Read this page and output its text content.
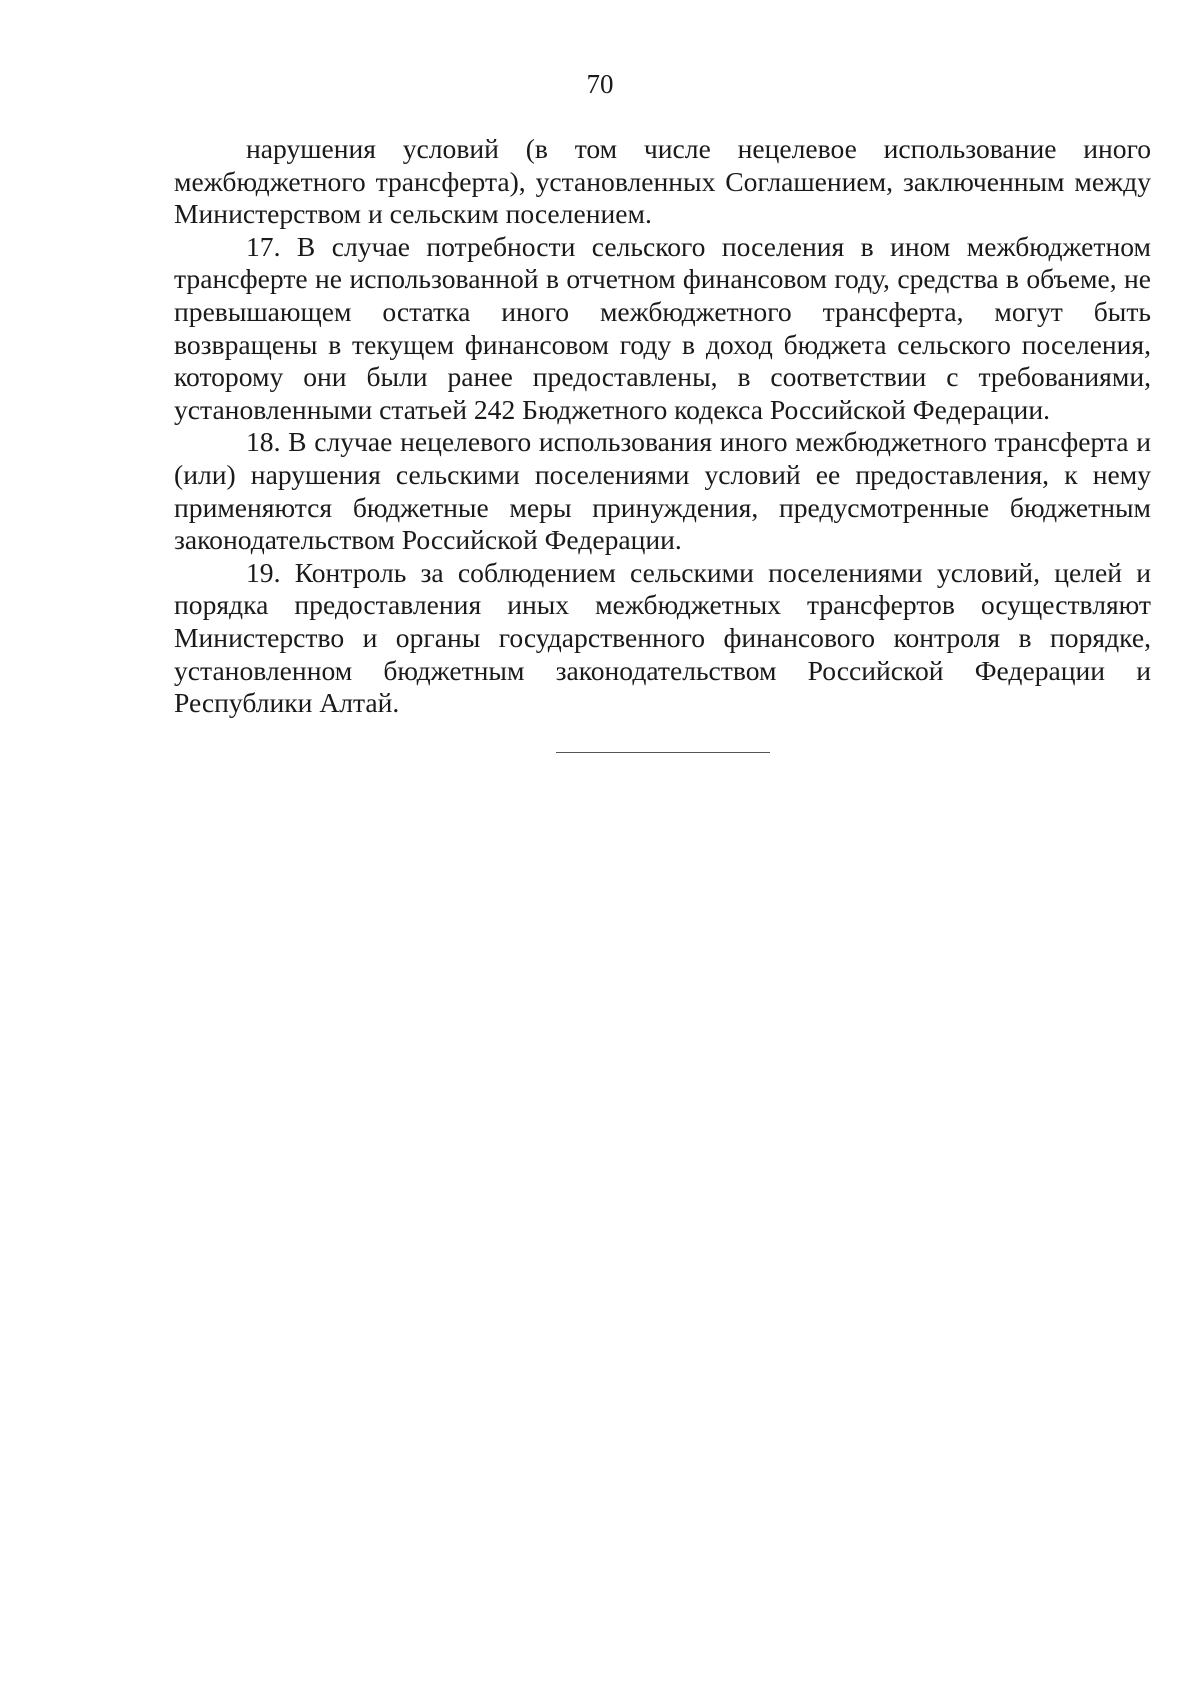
70

нарушения условий (в том числе нецелевое использование иного межбюджетного трансферта), установленных Соглашением, заключенным между Министерством и сельским поселением.

17. В случае потребности сельского поселения в ином межбюджетном трансферте не использованной в отчетном финансовом году, средства в объеме, не превышающем остатка иного межбюджетного трансферта, могут быть возвращены в текущем финансовом году в доход бюджета сельского поселения, которому они были ранее предоставлены, в соответствии с требованиями, установленными статьей 242 Бюджетного кодекса Российской Федерации.

18. В случае нецелевого использования иного межбюджетного трансферта и (или) нарушения сельскими поселениями условий ее предоставления, к нему применяются бюджетные меры принуждения, предусмотренные бюджетным законодательством Российской Федерации.

19. Контроль за соблюдением сельскими поселениями условий, целей и порядка предоставления иных межбюджетных трансфертов осуществляют Министерство и органы государственного финансового контроля в порядке, установленном бюджетным законодательством Российской Федерации и Республики Алтай.
